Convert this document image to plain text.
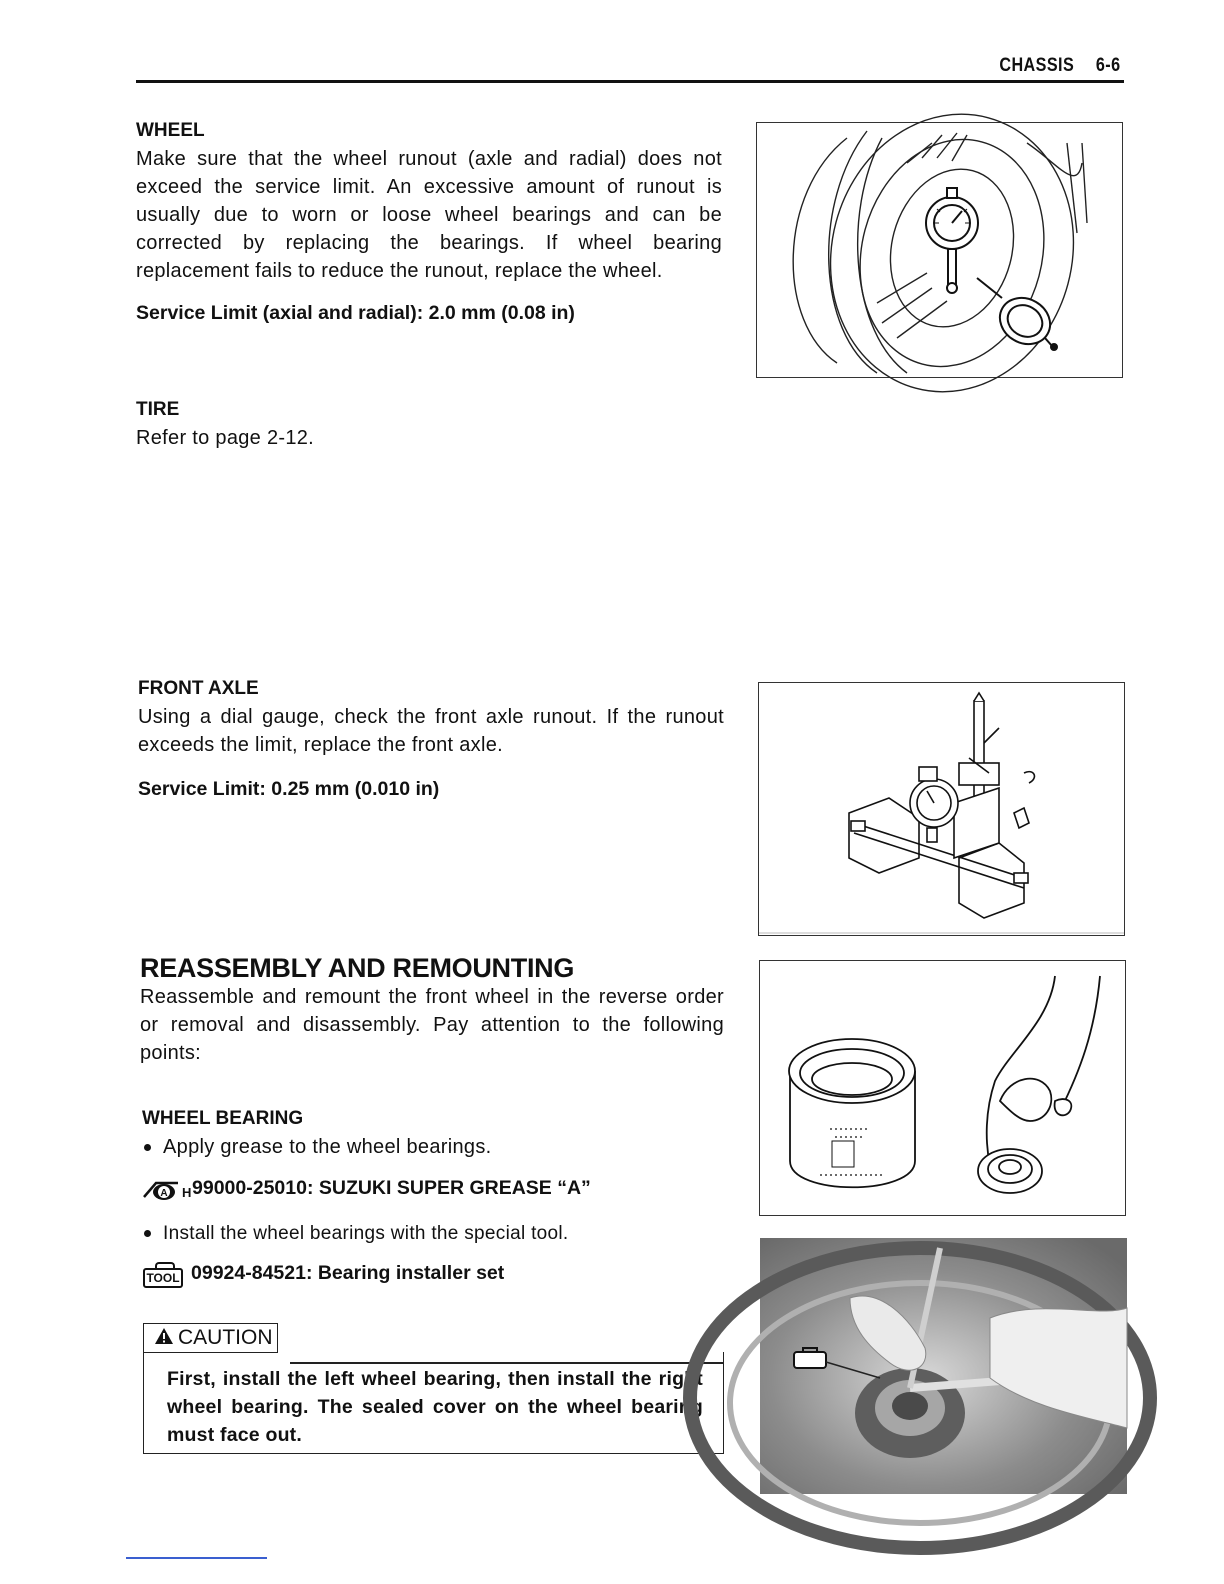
CHASSIS 6-6
WHEEL
Make sure that the wheel runout (axle and radial) does not exceed the service limit. An excessive amount of runout is usually due to worn or loose wheel bearings and can be corrected by replacing the bearings. If wheel bearing replacement fails to reduce the runout, replace the wheel.
Service Limit (axial and radial): 2.0 mm (0.08 in)
TIRE
Refer to page 2-12.
FRONT AXLE
Using a dial gauge, check the front axle runout. If the runout exceeds the limit, replace the front axle.
Service Limit: 0.25 mm (0.010 in)
REASSEMBLY AND REMOUNTING
Reassemble and remount the front wheel in the reverse order or removal and disassembly. Pay attention to the following points:
WHEEL BEARING
Apply grease to the wheel bearings.
A H 99000-25010: SUZUKI SUPER GREASE “A”
Install the wheel bearings with the special tool.
TOOL 09924-84521: Bearing installer set
CAUTION
First, install the left wheel bearing, then install the right wheel bearing. The sealed cover on the wheel bearing must face out.
